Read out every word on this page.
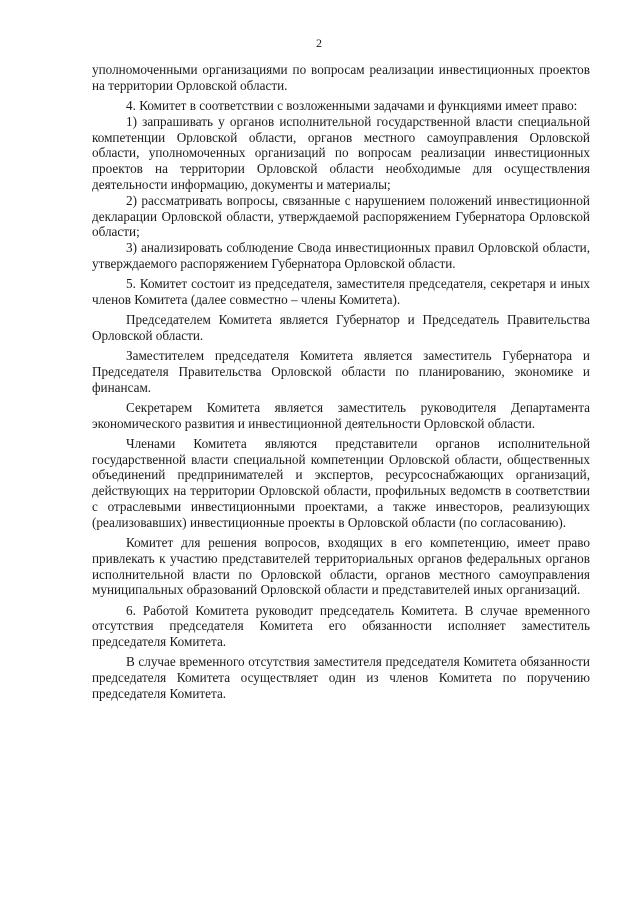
2

уполномоченными организациями по вопросам реализации инвестиционных проектов на территории Орловской области.

4. Комитет в соответствии с возложенными задачами и функциями имеет право:

1) запрашивать у органов исполнительной государственной власти специальной компетенции Орловской области, органов местного самоуправления Орловской области, уполномоченных организаций по вопросам реализации инвестиционных проектов на территории Орловской области необходимые для осуществления деятельности информацию, документы и материалы;

2) рассматривать вопросы, связанные с нарушением положений инвестиционной декларации Орловской области, утверждаемой распоряжением Губернатора Орловской области;

3) анализировать соблюдение Свода инвестиционных правил Орловской области, утверждаемого распоряжением Губернатора Орловской области.

5. Комитет состоит из председателя, заместителя председателя, секретаря и иных членов Комитета (далее совместно – члены Комитета).

Председателем Комитета является Губернатор и Председатель Правительства Орловской области.

Заместителем председателя Комитета является заместитель Губернатора и Председателя Правительства Орловской области по планированию, экономике и финансам.

Секретарем Комитета является заместитель руководителя Департамента экономического развития и инвестиционной деятельности Орловской области.

Членами Комитета являются представители органов исполнительной государственной власти специальной компетенции Орловской области, общественных объединений предпринимателей и экспертов, ресурсоснабжающих организаций, действующих на территории Орловской области, профильных ведомств в соответствии с отраслевыми инвестиционными проектами, а также инвесторов, реализующих (реализовавших) инвестиционные проекты в Орловской области (по согласованию).

Комитет для решения вопросов, входящих в его компетенцию, имеет право привлекать к участию представителей территориальных органов федеральных органов исполнительной власти по Орловской области, органов местного самоуправления муниципальных образований Орловской области и представителей иных организаций.

6. Работой Комитета руководит председатель Комитета. В случае временного отсутствия председателя Комитета его обязанности исполняет заместитель председателя Комитета.

В случае временного отсутствия заместителя председателя Комитета обязанности председателя Комитета осуществляет один из членов Комитета по поручению председателя Комитета.
